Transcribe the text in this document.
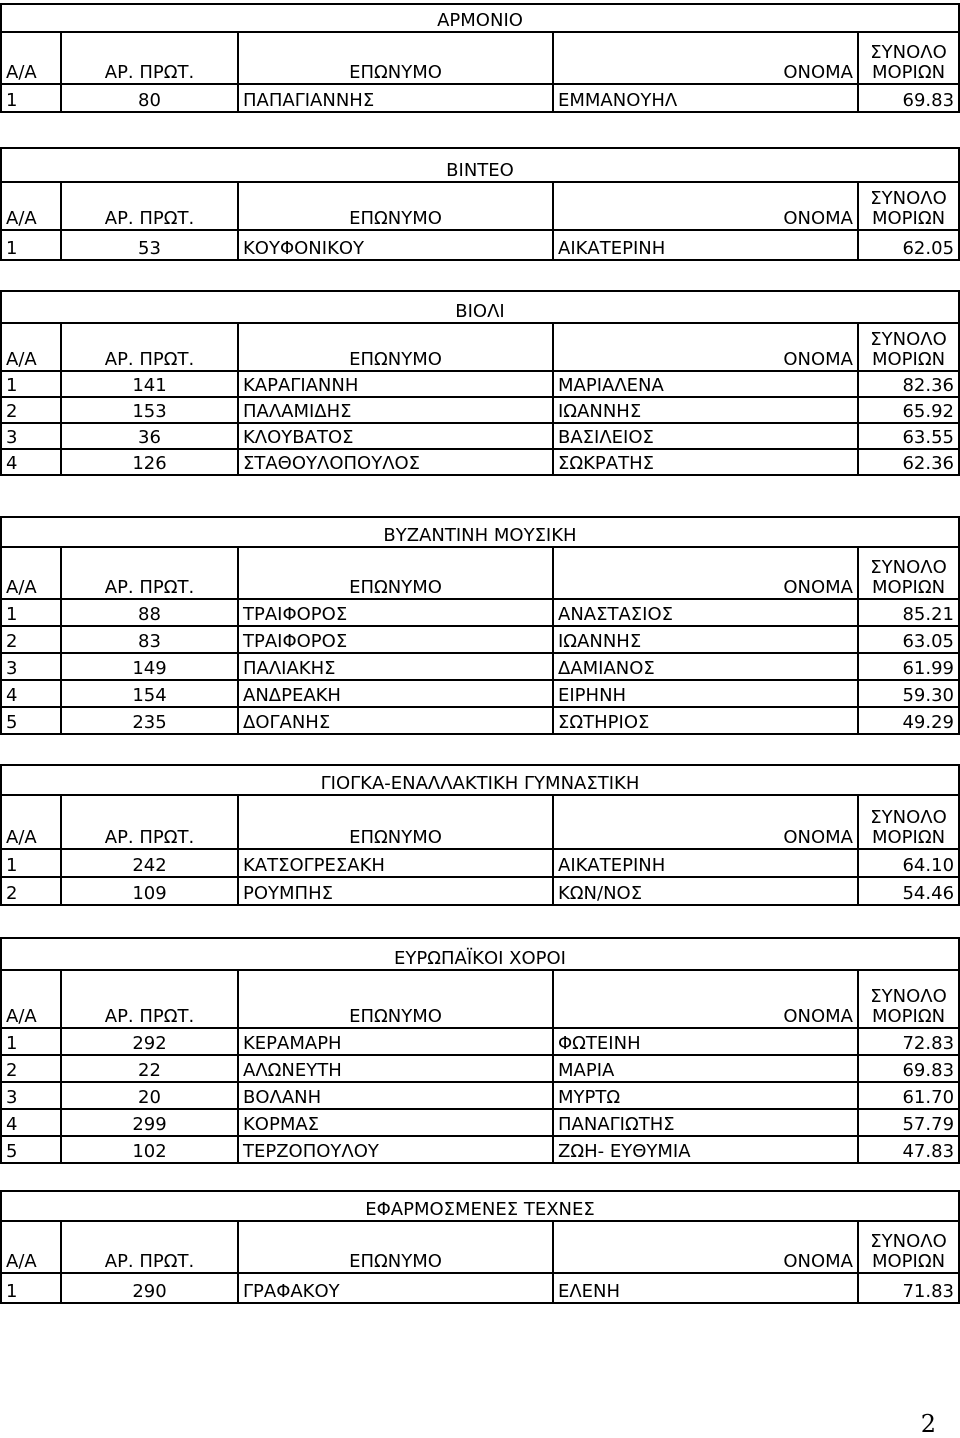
ΑΡΜΟΝΙΟ				
Α/Α	ΑΡ. ΠΡΩΤ.	ΕΠΩΝΥΜΟ	ΟΝΟΜΑ	ΣΥΝΟΛΟ
ΜΟΡΙΩΝ
1	80	ΠΑΠΑΓΙΑΝΝΗΣ	ΕΜΜΑΝΟΥΗΛ	69.83
ΒΙΝΤΕΟ				
Α/Α	ΑΡ. ΠΡΩΤ.	ΕΠΩΝΥΜΟ	ΟΝΟΜΑ	ΣΥΝΟΛΟ
ΜΟΡΙΩΝ
1	53	ΚΟΥΦΟΝΙΚΟΥ	ΑΙΚΑΤΕΡΙΝΗ	62.05
ΒΙΟΛΙ				
Α/Α	ΑΡ. ΠΡΩΤ.	ΕΠΩΝΥΜΟ	ΟΝΟΜΑ	ΣΥΝΟΛΟ
ΜΟΡΙΩΝ
1	141	ΚΑΡΑΓΙΑΝΝΗ	ΜΑΡΙΑΛΕΝΑ	82.36
2	153	ΠΑΛΑΜΙΔΗΣ	ΙΩΑΝΝΗΣ	65.92
3	36	ΚΛΟΥΒΑΤΟΣ	ΒΑΣΙΛΕΙΟΣ	63.55
4	126	ΣΤΑΘΟΥΛΟΠΟΥΛΟΣ	ΣΩΚΡΑΤΗΣ	62.36
ΒΥΖΑΝΤΙΝΗ ΜΟΥΣΙΚΗ				
Α/Α	ΑΡ. ΠΡΩΤ.	ΕΠΩΝΥΜΟ	ΟΝΟΜΑ	ΣΥΝΟΛΟ
ΜΟΡΙΩΝ
1	88	ΤΡΑΙΦΟΡΟΣ	ΑΝΑΣΤΑΣΙΟΣ	85.21
2	83	ΤΡΑΙΦΟΡΟΣ	ΙΩΑΝΝΗΣ	63.05
3	149	ΠΑΛΙΑΚΗΣ	ΔΑΜΙΑΝΟΣ	61.99
4	154	ΑΝΔΡΕΑΚΗ	ΕΙΡΗΝΗ	59.30
5	235	ΔΟΓΑΝΗΣ	ΣΩΤΗΡΙΟΣ	49.29
ΓΙΟΓΚΑ-ΕΝΑΛΛΑΚΤΙΚΗ ΓΥΜΝΑΣΤΙΚΗ				
Α/Α	ΑΡ. ΠΡΩΤ.	ΕΠΩΝΥΜΟ	ΟΝΟΜΑ	ΣΥΝΟΛΟ
ΜΟΡΙΩΝ
1	242	ΚΑΤΣΟΓΡΕΣΑΚΗ	ΑΙΚΑΤΕΡΙΝΗ	64.10
2	109	ΡΟΥΜΠΗΣ	ΚΩΝ/ΝΟΣ	54.46
ΕΥΡΩΠΑΪΚΟΙ ΧΟΡΟΙ				
Α/Α	ΑΡ. ΠΡΩΤ.	ΕΠΩΝΥΜΟ	ΟΝΟΜΑ	ΣΥΝΟΛΟ
ΜΟΡΙΩΝ
1	292	ΚΕΡΑΜΑΡΗ	ΦΩΤΕΙΝΗ	72.83
2	22	ΑΛΩΝΕΥΤΗ	ΜΑΡΙΑ	69.83
3	20	ΒΟΛΑΝΗ	ΜΥΡΤΩ	61.70
4	299	ΚΟΡΜΑΣ	ΠΑΝΑΓΙΩΤΗΣ	57.79
5	102	ΤΕΡΖΟΠΟΥΛΟΥ	ΖΩΗ- ΕΥΘΥΜΙΑ	47.83
ΕΦΑΡΜΟΣΜΕΝΕΣ ΤΕΧΝΕΣ				
Α/Α	ΑΡ. ΠΡΩΤ.	ΕΠΩΝΥΜΟ	ΟΝΟΜΑ	ΣΥΝΟΛΟ
ΜΟΡΙΩΝ
1	290	ΓΡΑΦΑΚΟΥ	ΕΛΕΝΗ	71.83
2
